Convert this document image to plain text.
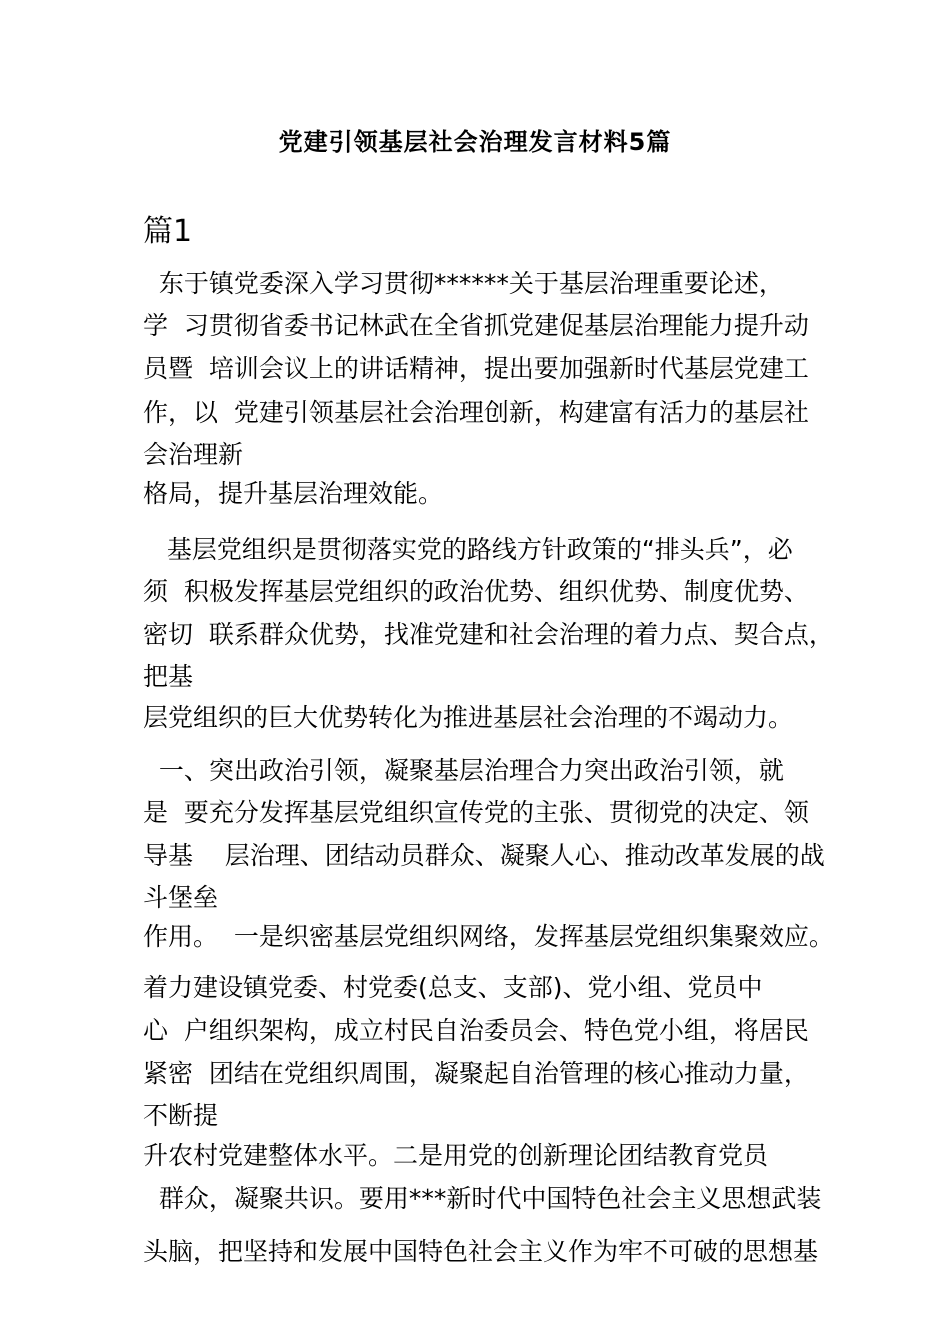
党建引领基层社会治理发言材料5篇
篇1
东于镇党委深入学习贯彻******关于基层治理重要论述，
学  习贯彻省委书记林武在全省抓党建促基层治理能力提升动
员暨  培训会议上的讲话精神，提出要加强新时代基层党建工
作，以  党建引领基层社会治理创新，构建富有活力的基层社
会治理新
格局，提升基层治理效能。
基层党组织是贯彻落实党的路线方针政策的“排头兵”，必
须  积极发挥基层党组织的政治优势、组织优势、制度优势、
密切  联系群众优势，找准党建和社会治理的着力点、契合点，
把基
层党组织的巨大优势转化为推进基层社会治理的不竭动力。
一、突出政治引领，凝聚基层治理合力突出政治引领，就
是  要充分发挥基层党组织宣传党的主张、贯彻党的决定、领
导基    层治理、团结动员群众、凝聚人心、推动改革发展的战
斗堡垒
作用。  一是织密基层党组织网络，发挥基层党组织集聚效应。
着力建设镇党委、村党委(总支、支部)、党小组、党员中
心  户组织架构，成立村民自治委员会、特色党小组，将居民
紧密  团结在党组织周围，凝聚起自治管理的核心推动力量，
不断提
升农村党建整体水平。二是用党的创新理论团结教育党员
群众，凝聚共识。要用***新时代中国特色社会主义思想武装
头脑，把坚持和发展中国特色社会主义作为牢不可破的思想基
